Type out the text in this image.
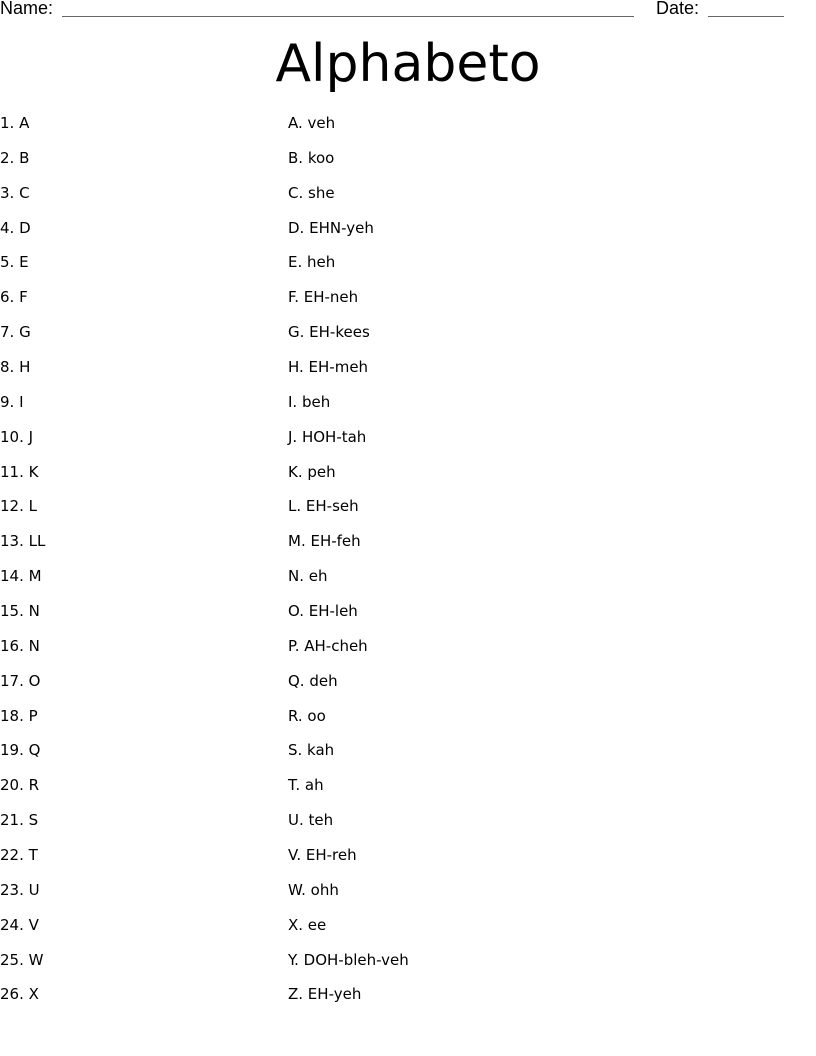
Name:	Date:
Alphabeto
1. A	A. veh
2. B	B. koo
3. C	C. she
4. D	D. EHN-yeh
5. E	E. heh
6. F	F. EH-neh
7. G	G. EH-kees
8. H	H. EH-meh
9. I	I. beh
10. J	J. HOH-tah
11. K	K. peh
12. L	L. EH-seh
13. LL	M. EH-feh
14. M	N. eh
15. N	O. EH-leh
16. N	P. AH-cheh
17. O	Q. deh
18. P	R. oo
19. Q	S. kah
20. R	T. ah
21. S	U. teh
22. T	V. EH-reh
23. U	W. ohh
24. V	X. ee
25. W	Y. DOH-bleh-veh
26. X	Z. EH-yeh
